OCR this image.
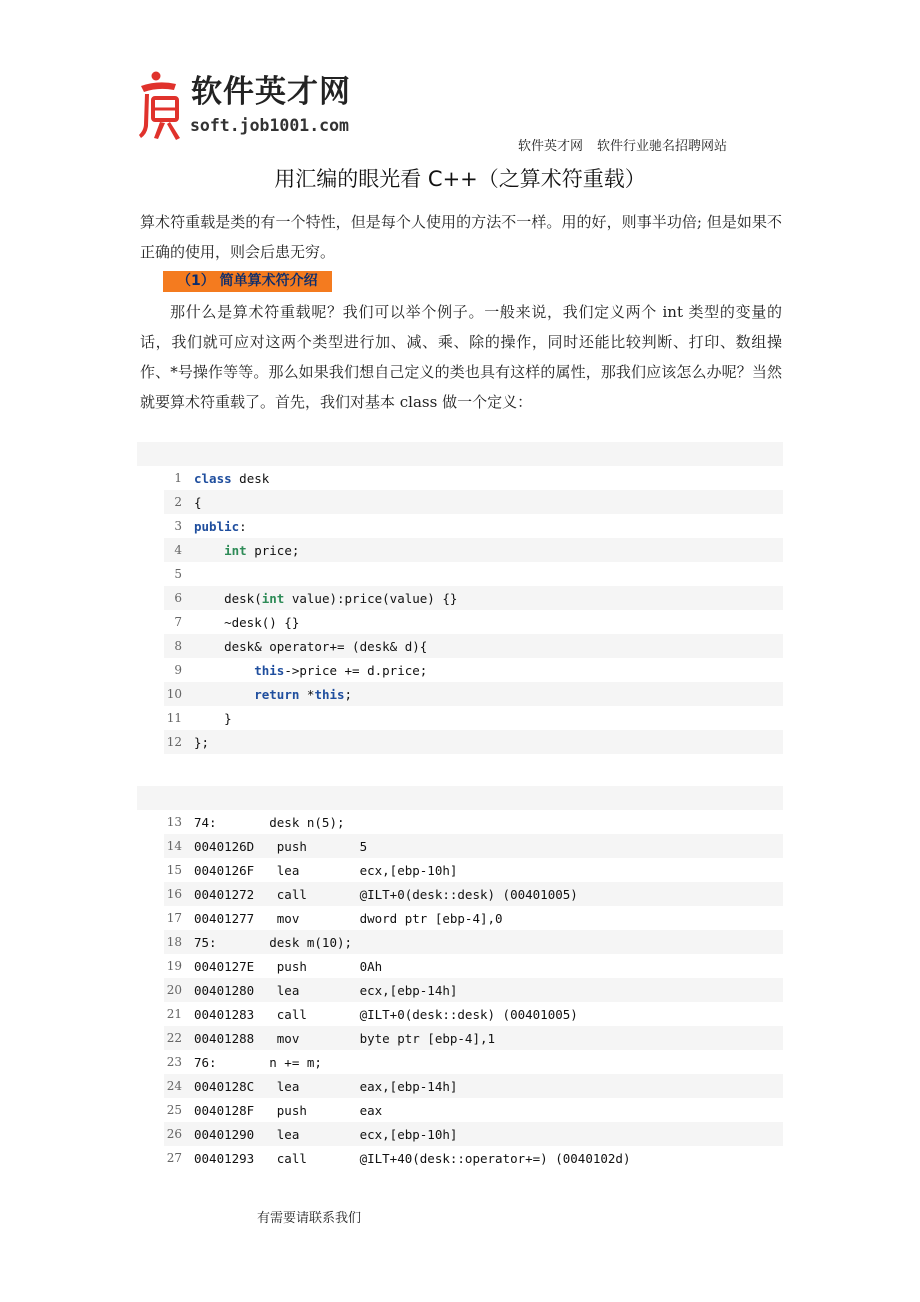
软件英才网
soft.job1001.com
软件英才网 软件行业驰名招聘网站
用汇编的眼光看 C++（之算术符重载）

算术符重载是类的有一个特性，但是每个人使用的方法不一样。用的好，则事半功倍; 但是如果不正确的使用，则会后患无穷。

（1） 简单算术符介绍

那什么是算术符重载呢？我们可以举个例子。一般来说，我们定义两个 int 类型的变量的话，我们就可应对这两个类型进行加、减、乘、除的操作，同时还能比较判断、打印、数组操作、*号操作等等。那么如果我们想自己定义的类也具有这样的属性，那我们应该怎么办呢？当然就要算术符重载了。首先，我们对基本 class 做一个定义：

1 class desk
2 {
3 public:
4	int price;
5
6 desk(int value):price(value) {}
7 ~desk() {}
8 desk& operator+= (desk& d){
9	this->price += d.price;
10	return *this;
11 }
12 };
13 74:       desk n(5);
14 0040126D   push       5
15 0040126F   lea        ecx,[ebp-10h]
16 00401272   call       @ILT+0(desk::desk) (00401005)
17 00401277   mov        dword ptr [ebp-4],0
18 75:       desk m(10);
19 0040127E   push       0Ah
20 00401280   lea        ecx,[ebp-14h]
21 00401283   call       @ILT+0(desk::desk) (00401005)
22 00401288   mov        byte ptr [ebp-4],1
23 76:       n += m;
24 0040128C   lea        eax,[ebp-14h]
25 0040128F   push       eax
26 00401290   lea        ecx,[ebp-10h]
27 00401293   call       @ILT+40(desk::operator+=) (0040102d)
有需要请联系我们
